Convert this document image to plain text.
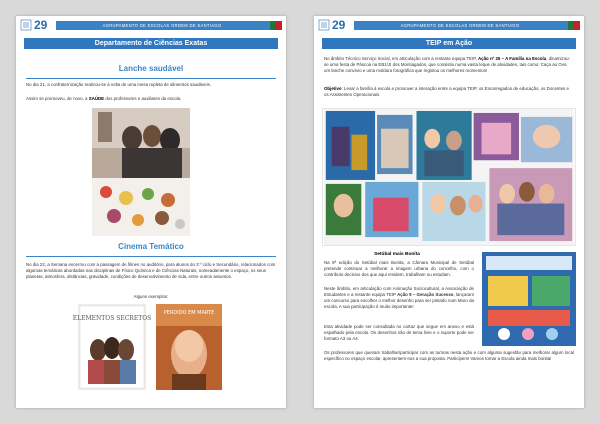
29	AGRUPAMENTO DE ESCOLAS ORDEM DE SANTIAGO
Departamento de Ciências Exatas
Lanche saudável
No dia 21, a confraternização realizou-se à volta de uma mesa repleta de alimentos saudáveis.
Assim se promoveu, de novo, a SAÚDE dos professores e auxiliares da escola.
Cinema Temático
No dia 22, a Semana encerrou com a passagem de filmes no auditório, para alunos do 3.º ciclo e Secundário, relacionados com algumas temáticas abordadas nas disciplinas de Físico Química e de Ciências Naturais, nomeadamente o espaço, os seus planetas, atmosfera, distâncias, gravidade, condições de desenvolvimento de vida, entre outros assuntos.
Alguns exemplos:
ELEMENTOS SECRETOS
PERDIDO EM MARTE
29	AGRUPAMENTO DE ESCOLAS ORDEM DE SANTIAGO
TEIP em Ação
No âmbito Técnico Serviço Social, em articulação com a restante equipa TEIP, Ação nº 25 – A Família na Escola, dinamizou-se uma festa de Páscoa na EB1/JI dos Montiagados, que consistiu numa vasta leque de atividades, tais como: Caça ao Ovo, um lanche convívio e uma moldura fotográfica que registou os melhores momentos!
Objetivo: Levar a família à escola e promover a interação entre a equipa TEIP, os Encarregados de educação, os Docentes e os Assistentes Operacionais.
Setúbal mais Bonita
Na 8ª edição do Setúbal mais Bonita, a Câmara Municipal de Setúbal pretende continuar a melhorar a imagem urbana do concelho, com o contributo decisivo dos que aqui residem, trabalham ou estudam.
Neste âmbito, em articulação com Animação Sociocultural, a Associação de Estudantes e a restante equipa TEIP Ação 9 – Geração Sucesso, lançaram um concurso para escolher o melhor desenho para ser pintado num Muro da escola. A sua participação é muito importante!
Esta atividade pode ser consultada no cartaz que segue em anexo e está espalhado pela escola. Os desenhos são de tema livre e o suporte pode ser formato A3 ou A4.
Os professores que queiram trabalhar/participar com as turmas nesta ação e com alguma sugestão para melhorar algum local específico no espaço escolar, apresentem-nos a sua proposta. Participem! Vamos tornar a Escola ainda mais bonita!
